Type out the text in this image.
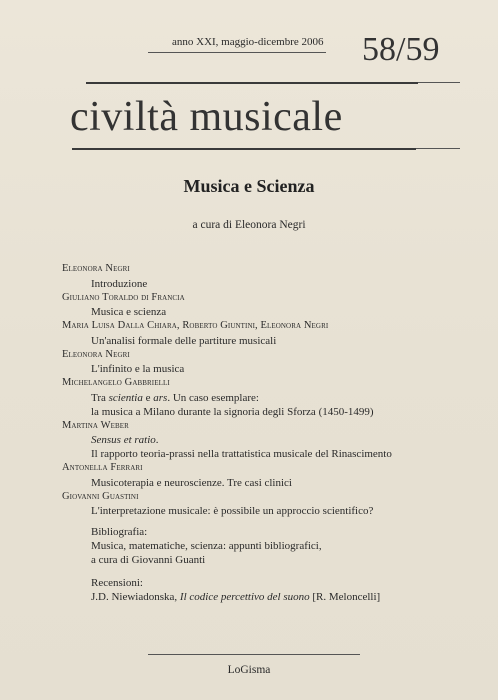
anno XXI, maggio-dicembre 2006 58/59
civiltà musicale
Musica e Scienza
a cura di Eleonora Negri
Eleonora Negri
Introduzione
Giuliano Toraldo di Francia
Musica e scienza
Maria Luisa Dalla Chiara, Roberto Giuntini, Eleonora Negri
Un'analisi formale delle partiture musicali
Eleonora Negri
L'infinito e la musica
Michelangelo Gabbrielli
Tra scientia e ars. Un caso esemplare:
la musica a Milano durante la signoria degli Sforza (1450-1499)
Martina Weber
Sensus et ratio.
Il rapporto teoria-prassi nella trattatistica musicale del Rinascimento
Antonella Ferrari
Musicoterapia e neuroscienze. Tre casi clinici
Giovanni Guastini
L'interpretazione musicale: è possibile un approccio scientifico?
Bibliografia:
Musica, matematiche, scienza: appunti bibliografici,
a cura di Giovanni Guanti
Recensioni:
J.D. Niewiadonska, Il codice percettivo del suono [R. Meloncelli]
LoGisma
